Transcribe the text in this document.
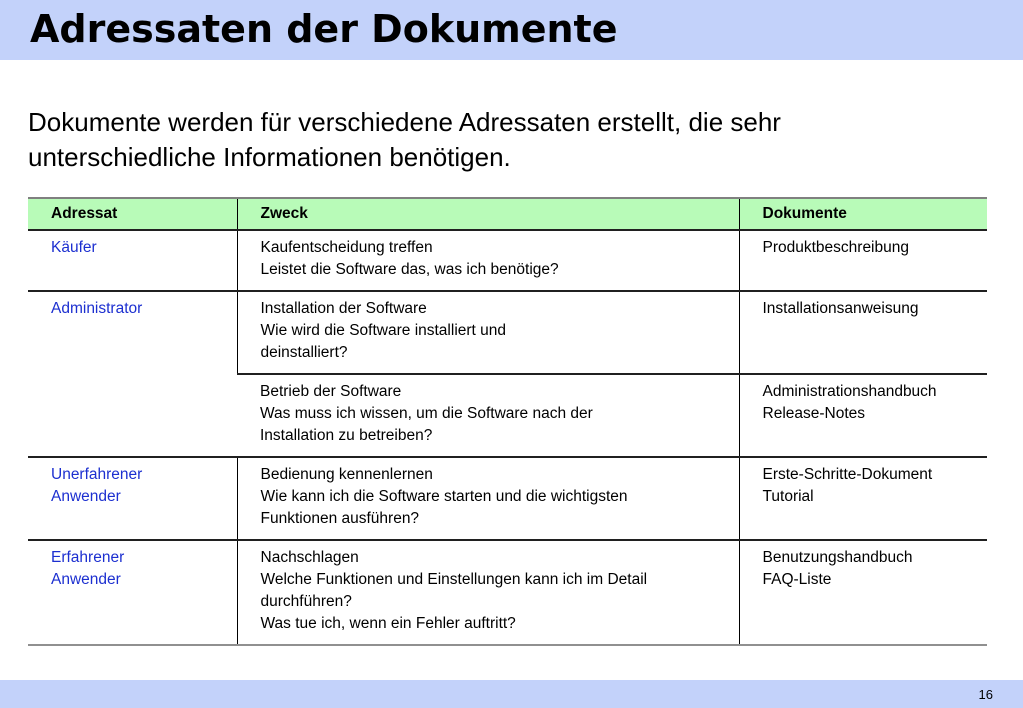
Adressaten der Dokumente
Dokumente werden für verschiedene Adressaten erstellt, die sehr
unterschiedliche Informationen benötigen.
Adressat	Zweck	Dokumente

Käufer	Kaufentscheidung treffen
Leistet die Software das, was ich benötige?	Produktbeschreibung

Administrator	Installation der Software
Wie wird die Software installiert und
deinstalliert?	Installationsanweisung

	Betrieb der Software
Was muss ich wissen, um die Software nach der
Installation zu betreiben?	Administrationshandbuch
Release-Notes

Unerfahrener
Anwender	Bedienung kennenlernen
Wie kann ich die Software starten und die wichtigsten
Funktionen ausführen?	Erste-Schritte-Dokument
Tutorial

Erfahrener
Anwender	Nachschlagen
Welche Funktionen und Einstellungen kann ich im Detail
durchführen?
Was tue ich, wenn ein Fehler auftritt?	Benutzungshandbuch
FAQ-Liste
16
